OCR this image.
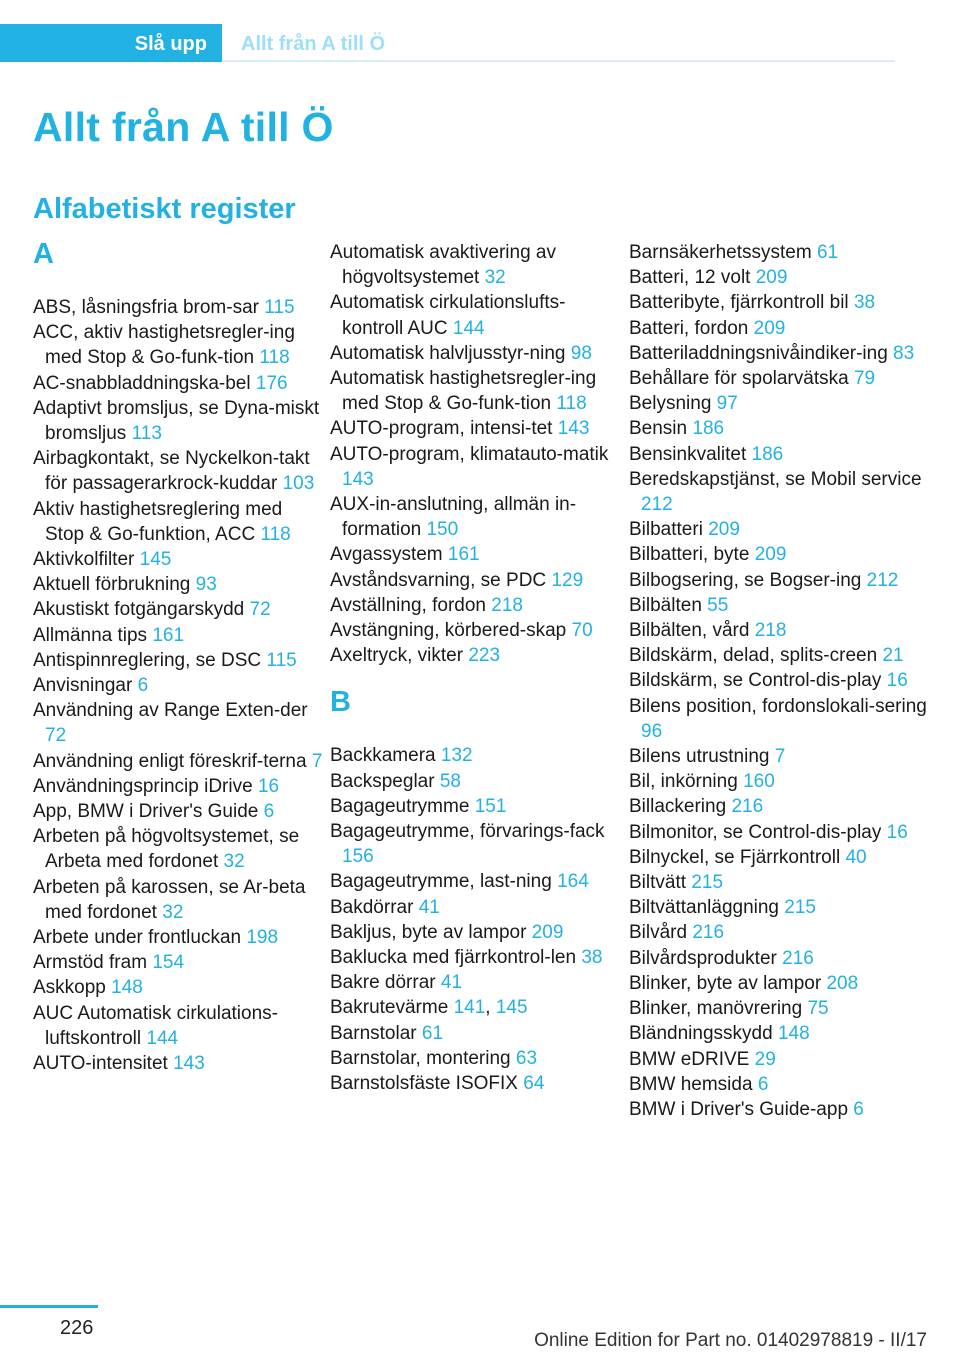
Slå upp Allt från A till Ö
Allt från A till Ö
Alfabetiskt register
A
ABS, låsningsfria brom‐sar 115
ACC, aktiv hastighetsregler‐ing med Stop & Go-funk‐tion 118
AC-snabbladdningska‐bel 176
Adaptivt bromsljus, se Dyna‐miskt bromsljus 113
Airbagkontakt, se Nyckelkon‐takt för passagerarkrock‐kuddar 103
Aktiv hastighetsreglering med Stop & Go-funktion, ACC 118
Aktivkolfilter 145
Aktuell förbrukning 93
Akustiskt fotgängarskydd 72
Allmänna tips 161
Antispinnreglering, se DSC 115
Anvisningar 6
Användning av Range Exten‐der 72
Användning enligt föreskrif‐terna 7
Användningsprincip iDrive 16
App, BMW i Driver's Guide 6
Arbeten på högvoltsystemet, se Arbeta med fordonet 32
Arbeten på karossen, se Ar‐beta med fordonet 32
Arbete under frontluckan 198
Armstöd fram 154
Askkopp 148
AUC Automatisk cirkulations‐luftskontroll 144
AUTO-intensitet 143
Automatisk avaktivering av högvoltsystemet 32
Automatisk cirkulationslufts‐kontroll AUC 144
Automatisk halvljusstyr‐ning 98
Automatisk hastighetsregler‐ing med Stop & Go-funk‐tion 118
AUTO-program, intensi‐tet 143
AUTO-program, klimatauto‐matik 143
AUX-in-anslutning, allmän in‐formation 150
Avgassystem 161
Avståndsvarning, se PDC 129
Avställning, fordon 218
Avstängning, körbered‐skap 70
Axeltryck, vikter 223
B
Backkamera 132
Backspeglar 58
Bagageutrymme 151
Bagageutrymme, förvarings‐fack 156
Bagageutrymme, last‐ning 164
Bakdörrar 41
Bakljus, byte av lampor 209
Baklucka med fjärrkontrol‐len 38
Bakre dörrar 41
Bakrutevärme 141, 145
Barnstolar 61
Barnstolar, montering 63
Barnstolsfäste ISOFIX 64
Barnsäkerhetssystem 61
Batteri, 12 volt 209
Batteribyte, fjärrkontroll bil 38
Batteri, fordon 209
Batteriladdningsnivåindiker‐ing 83
Behållare för spolarvätska 79
Belysning 97
Bensin 186
Bensinkvalitet 186
Beredskapstjänst, se Mobil service 212
Bilbatteri 209
Bilbatteri, byte 209
Bilbogsering, se Bogser‐ing 212
Bilbälten 55
Bilbälten, vård 218
Bildskärm, delad, splits‐creen 21
Bildskärm, se Control-dis‐play 16
Bilens position, fordonslokali‐sering 96
Bilens utrustning 7
Bil, inkörning 160
Billackering 216
Bilmonitor, se Control-dis‐play 16
Bilnyckel, se Fjärrkontroll 40
Biltvätt 215
Biltvättanläggning 215
Bilvård 216
Bilvårdsprodukter 216
Blinker, byte av lampor 208
Blinker, manövrering 75
Bländningsskydd 148
BMW eDRIVE 29
BMW hemsida 6
BMW i Driver's Guide-app 6
226
Online Edition for Part no. 01402978819 - II/17
